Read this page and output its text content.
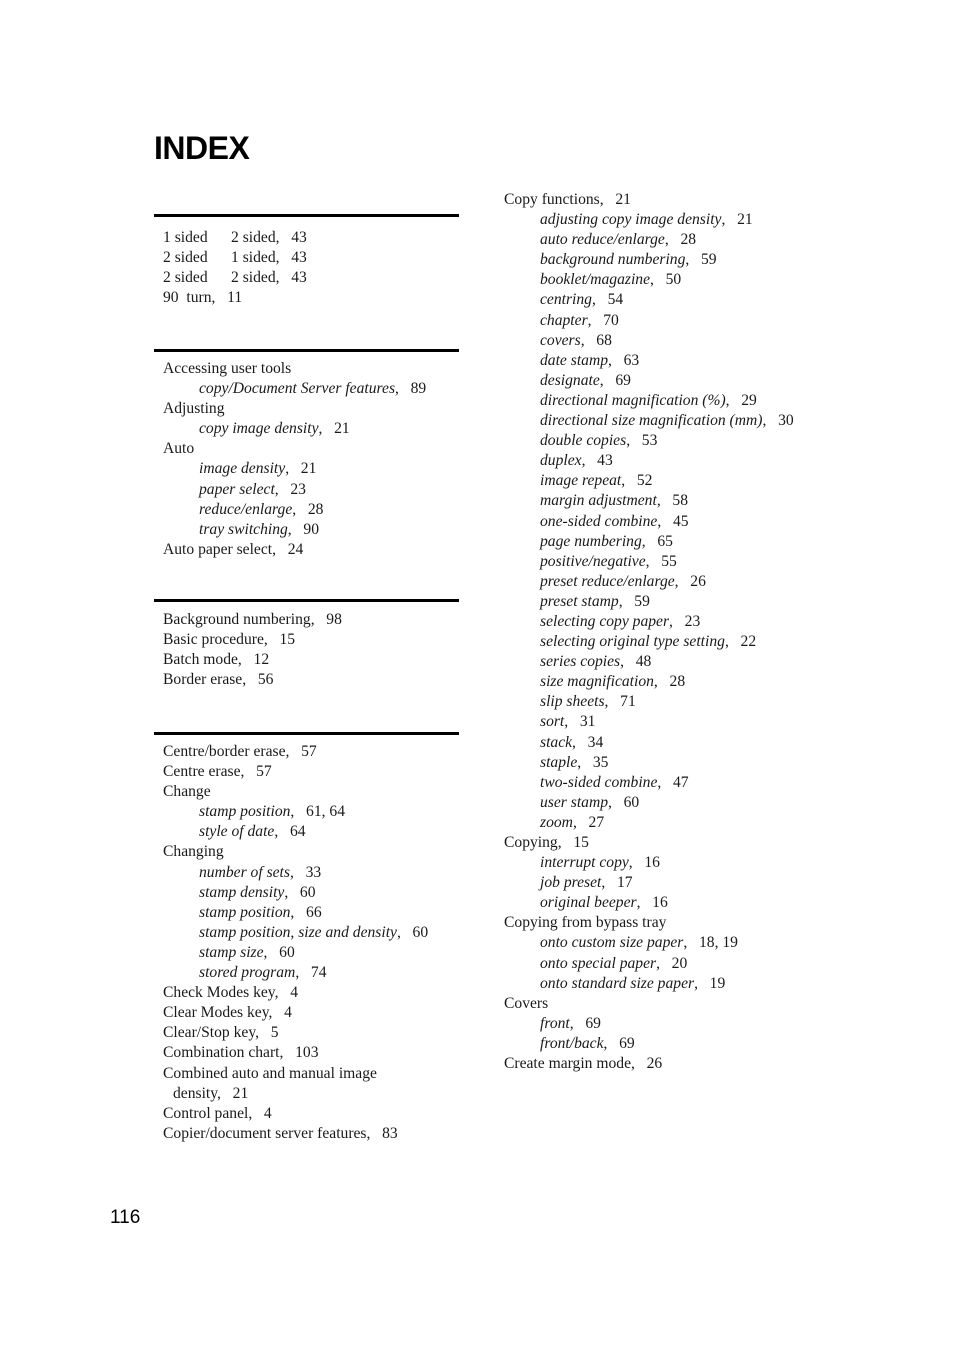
INDEX
1 sided      2 sided,   43
2 sided      1 sided,   43
2 sided      2 sided,   43
90  turn,   11
Accessing user tools
copy/Document Server features,   89
Adjusting
copy image density,   21
Auto
image density,   21
paper select,   23
reduce/enlarge,   28
tray switching,   90
Auto paper select,   24
Background numbering,   98
Basic procedure,   15
Batch mode,   12
Border erase,   56
Centre/border erase,   57
Centre erase,   57
Change
stamp position,   61, 64
style of date,   64
Changing
number of sets,   33
stamp density,   60
stamp position,   66
stamp position, size and density,   60
stamp size,   60
stored program,   74
Check Modes key,   4
Clear Modes key,   4
Clear/Stop key,   5
Combination chart,   103
Combined auto and manual image
density,   21
Control panel,   4
Copier/document server features,   83
Copy functions,   21
adjusting copy image density,   21
auto reduce/enlarge,   28
background numbering,   59
booklet/magazine,   50
centring,   54
chapter,   70
covers,   68
date stamp,   63
designate,   69
directional magnification (%),   29
directional size magnification (mm),   30
double copies,   53
duplex,   43
image repeat,   52
margin adjustment,   58
one-sided combine,   45
page numbering,   65
positive/negative,   55
preset reduce/enlarge,   26
preset stamp,   59
selecting copy paper,   23
selecting original type setting,   22
series copies,   48
size magnification,   28
slip sheets,   71
sort,   31
stack,   34
staple,   35
two-sided combine,   47
user stamp,   60
zoom,   27
Copying,   15
interrupt copy,   16
job preset,   17
original beeper,   16
Copying from bypass tray
onto custom size paper,   18, 19
onto special paper,   20
onto standard size paper,   19
Covers
front,   69
front/back,   69
Create margin mode,   26
116
